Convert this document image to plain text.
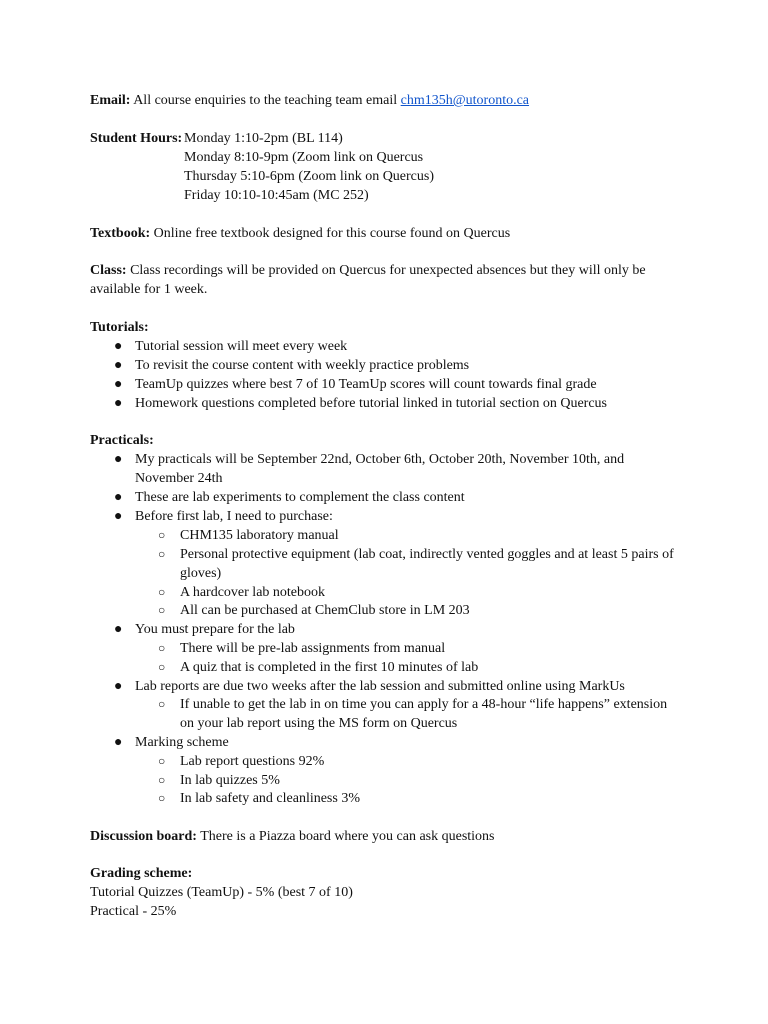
Email: All course enquiries to the teaching team email chm135h@utoronto.ca
Student Hours: Monday 1:10-2pm (BL 114)
Monday 8:10-9pm (Zoom link on Quercus
Thursday 5:10-6pm (Zoom link on Quercus)
Friday 10:10-10:45am (MC 252)
Textbook: Online free textbook designed for this course found on Quercus
Class: Class recordings will be provided on Quercus for unexpected absences but they will only be
available for 1 week.
Tutorials:
● Tutorial session will meet every week
● To revisit the course content with weekly practice problems
● TeamUp quizzes where best 7 of 10 TeamUp scores will count towards final grade
● Homework questions completed before tutorial linked in tutorial section on Quercus
Practicals:
● My practicals will be September 22nd, October 6th, October 20th, November 10th, and November 24th
● These are lab experiments to complement the class content
● Before first lab, I need to purchase:
○ CHM135 laboratory manual
○ Personal protective equipment (lab coat, indirectly vented goggles and at least 5 pairs of gloves)
○ A hardcover lab notebook
○ All can be purchased at ChemClub store in LM 203
● You must prepare for the lab
○ There will be pre-lab assignments from manual
○ A quiz that is completed in the first 10 minutes of lab
● Lab reports are due two weeks after the lab session and submitted online using MarkUs
○ If unable to get the lab in on time you can apply for a 48-hour “life happens” extension on your lab report using the MS form on Quercus
● Marking scheme
○ Lab report questions 92%
○ In lab quizzes 5%
○ In lab safety and cleanliness 3%
Discussion board: There is a Piazza board where you can ask questions
Grading scheme:
Tutorial Quizzes (TeamUp) - 5% (best 7 of 10)
Practical - 25%
